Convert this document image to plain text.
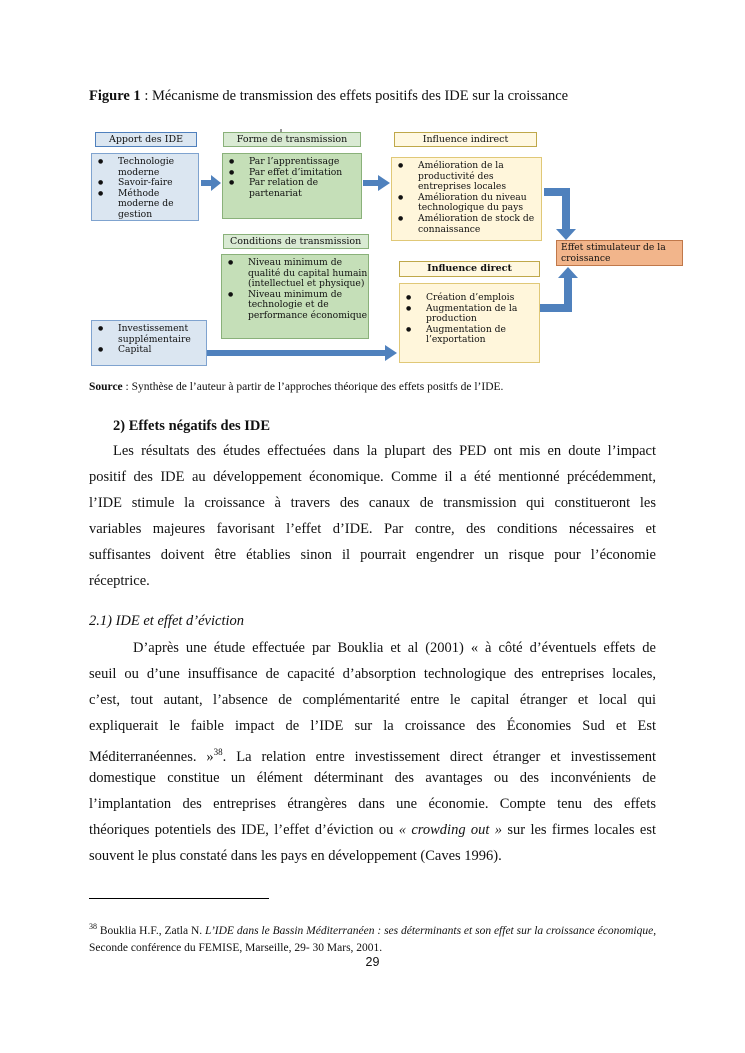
Figure 1 : Mécanisme de transmission des effets positifs des IDE sur la croissance
Apport des IDE
● Technologie moderne
● Savoir-faire
● Méthode moderne de gestion
Forme de transmission
● Par l’apprentissage
● Par effet d’imitation
● Par relation de partenariat
Influence indirect
● Amélioration de la productivité des entreprises locales
● Amélioration du niveau technologique du pays
● Amélioration de stock de connaissance
Effet stimulateur de la croissance
Conditions de transmission
● Niveau minimum de qualité du capital humain (intellectuel et physique)
● Niveau minimum de technologie et de performance économique
Influence direct
● Création d’emplois
● Augmentation de la production
● Augmentation de l’exportation
● Investissement supplémentaire
● Capital
Source : Synthèse de l’auteur à partir de l’approches théorique des effets positfs de l’IDE.
2) Effets négatifs des IDE
Les résultats des études effectuées dans la plupart des PED ont mis en doute l’impact
positif des IDE au développement économique. Comme il a été mentionné précédemment,
l’IDE stimule la croissance à travers des canaux de transmission qui constitueront les
variables majeures favorisant l’effet d’IDE. Par contre, des conditions nécessaires et
suffisantes doivent être établies sinon il pourrait engendrer un risque pour l’économie
réceptrice.
2.1) IDE et effet d’éviction
D’après une étude effectuée par Bouklia et al (2001) « à côté d’éventuels effets de
seuil ou d’une insuffisance de capacité d’absorption technologique des entreprises locales,
c’est, tout autant, l’absence de complémentarité entre le capital étranger et local qui
expliquerait le faible impact de l’IDE sur la croissance des Économies Sud et Est
Méditerranéennes. »$^{38}$. La relation entre investissement direct étranger et investissement
domestique constitue un élément déterminant des avantages ou des inconvénients de
l’implantation des entreprises étrangères dans une économie. Compte tenu des effets
théoriques potentiels des IDE, l’effet d’éviction ou « crowding out » sur les firmes locales est
souvent le plus constaté dans les pays en développement (Caves 1996).
$^{38}$ Bouklia H.F., Zatla N. L’IDE dans le Bassin Méditerranéen : ses déterminants et son effet sur la croissance économique, Seconde conférence du FEMISE, Marseille, 29- 30 Mars, 2001.
29
